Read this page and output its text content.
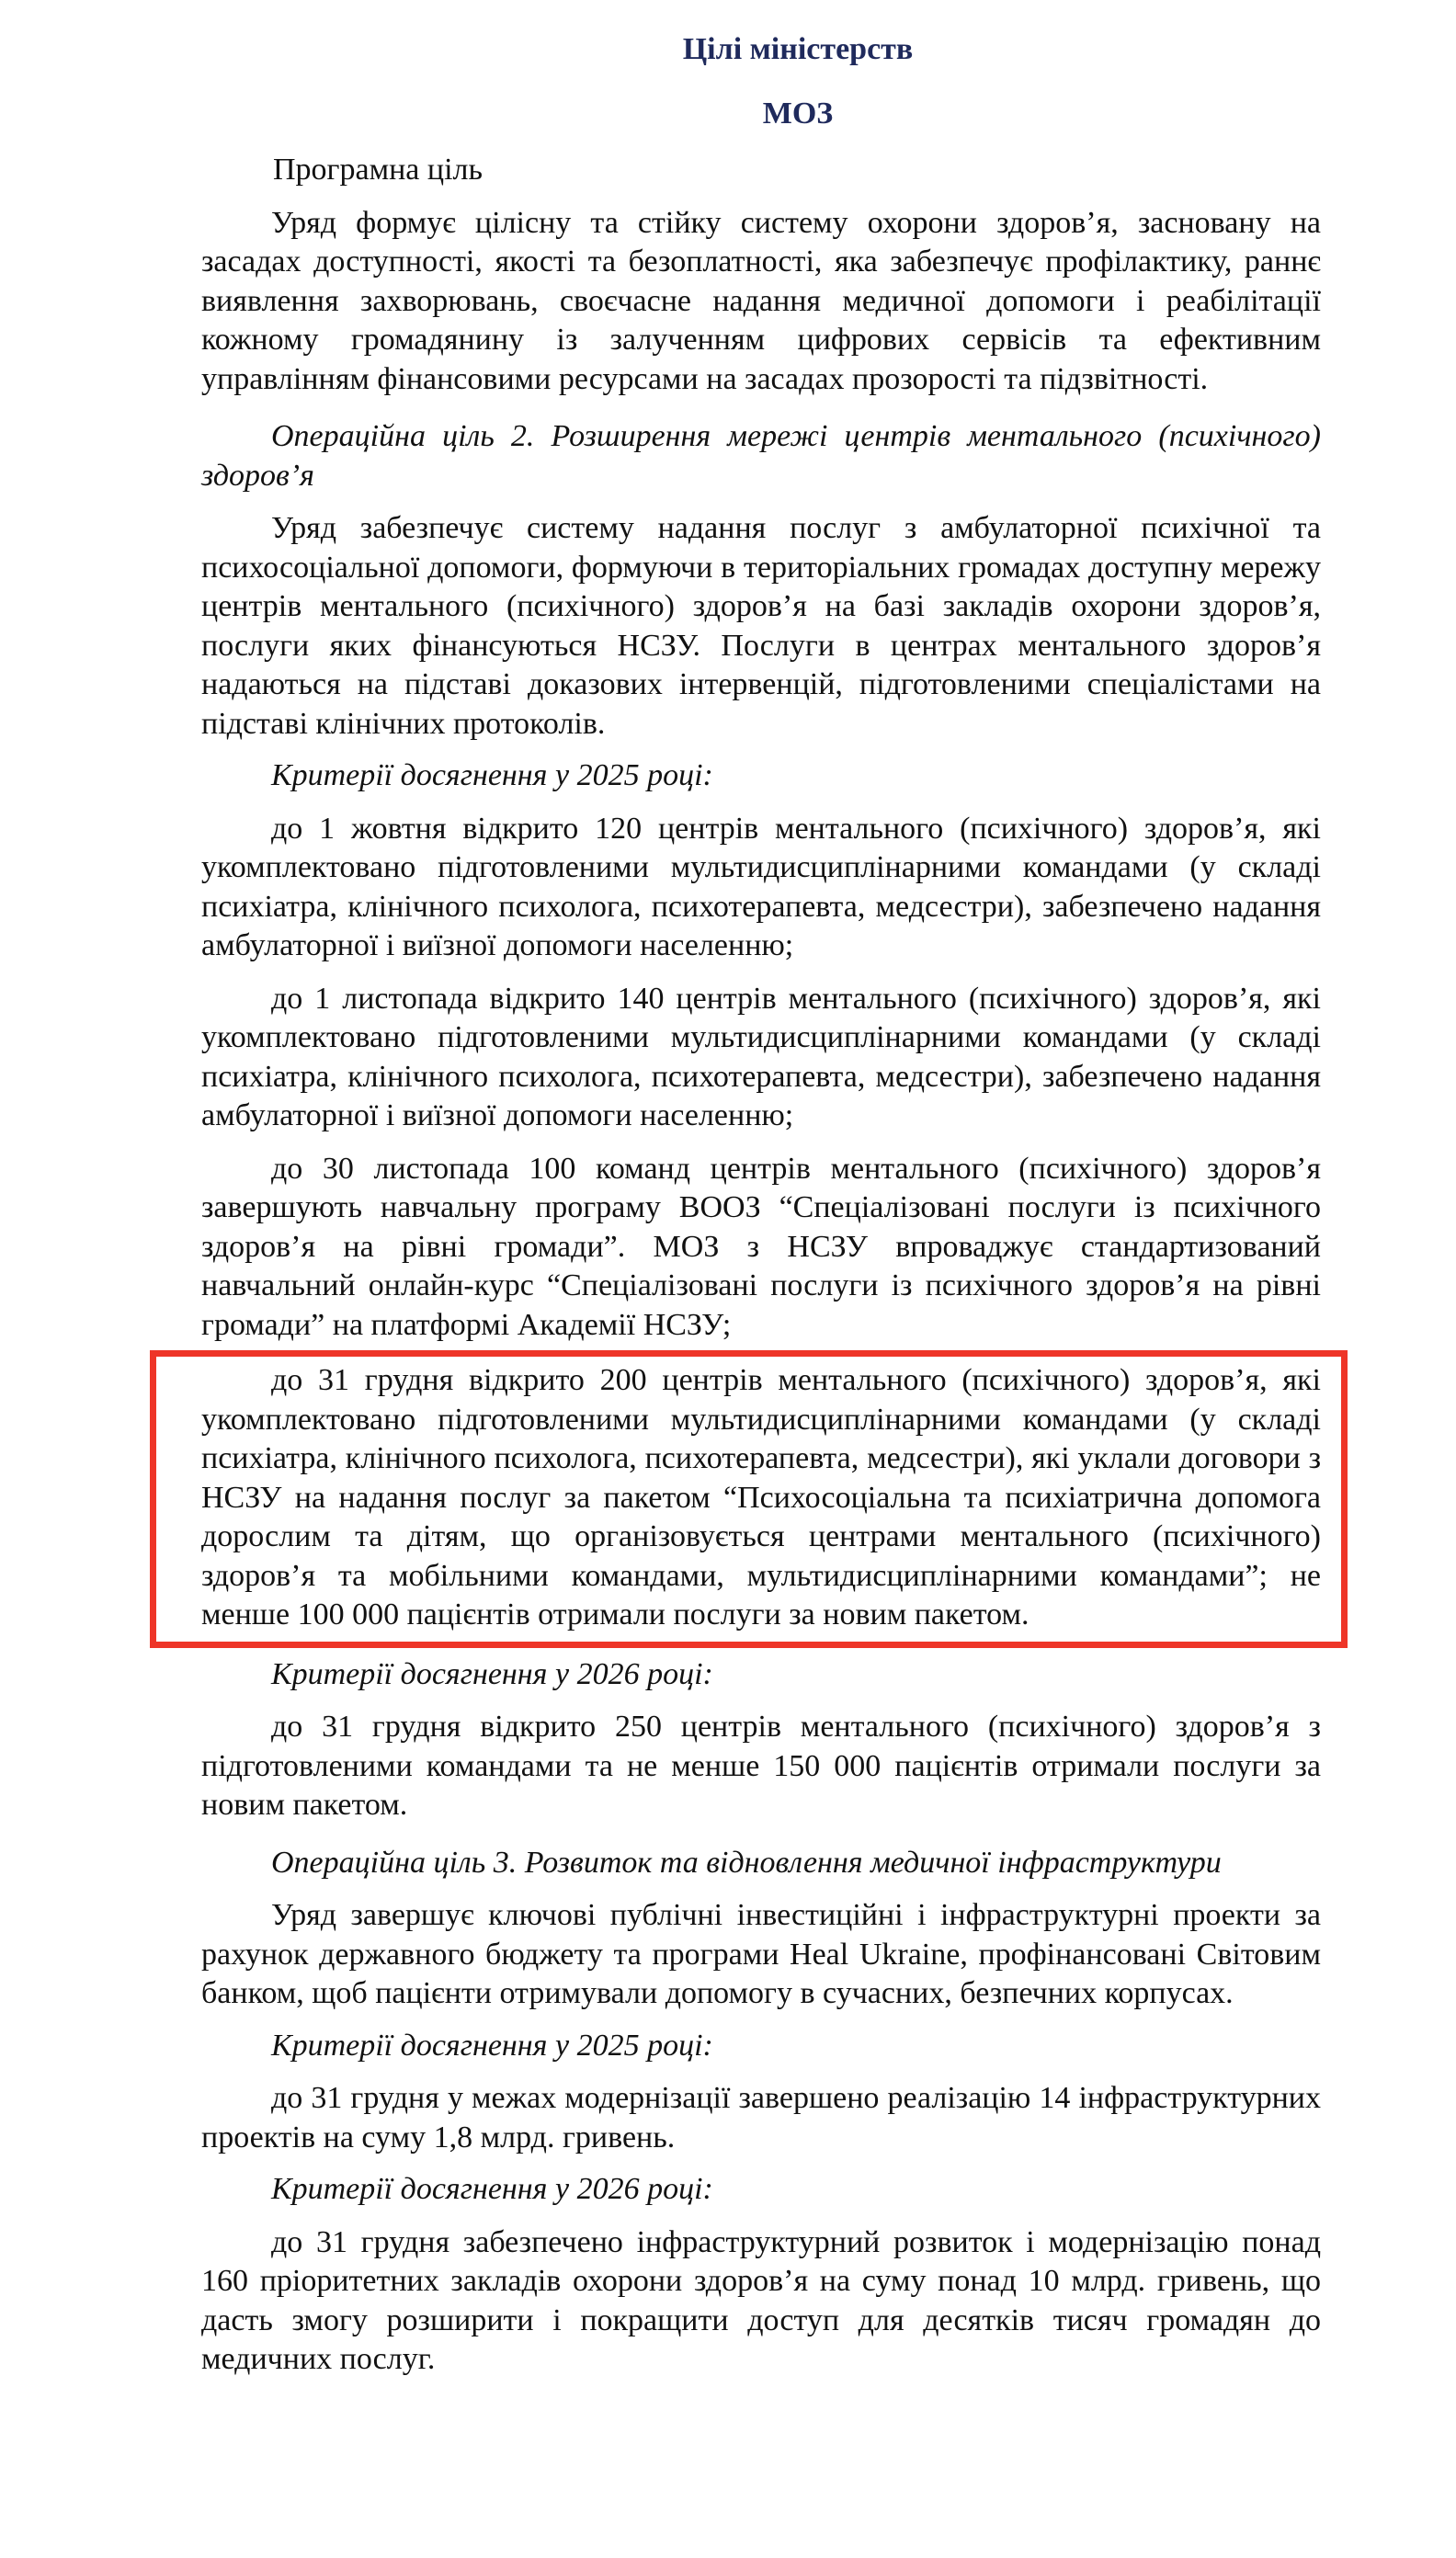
Цілі міністерств
МОЗ

Програмна ціль

Уряд формує цілісну та стійку систему охорони здоров’я, засновану на засадах доступності, якості та безоплатності, яка забезпечує профілактику, раннє виявлення захворювань, своєчасне надання медичної допомоги і реабілітації кожному громадянину із залученням цифрових сервісів та ефективним управлінням фінансовими ресурсами на засадах прозорості та підзвітності.

Операційна ціль 2. Розширення мережі центрів ментального (психічного) здоров’я

Уряд забезпечує систему надання послуг з амбулаторної психічної та психосоціальної допомоги, формуючи в територіальних громадах доступну мережу центрів ментального (психічного) здоров’я на базі закладів охорони здоров’я, послуги яких фінансуються НСЗУ. Послуги в центрах ментального здоров’я надаються на підставі доказових інтервенцій, підготовленими спеціалістами на підставі клінічних протоколів.

Критерії досягнення у 2025 році:

до 1 жовтня відкрито 120 центрів ментального (психічного) здоров’я, які укомплектовано підготовленими мультидисциплінарними командами (у складі психіатра, клінічного психолога, психотерапевта, медсестри), забезпечено надання амбулаторної і виїзної допомоги населенню;

до 1 листопада відкрито 140 центрів ментального (психічного) здоров’я, які укомплектовано підготовленими мультидисциплінарними командами (у складі психіатра, клінічного психолога, психотерапевта, медсестри), забезпечено надання амбулаторної і виїзної допомоги населенню;

до 30 листопада 100 команд центрів ментального (психічного) здоров’я завершують навчальну програму ВООЗ “Спеціалізовані послуги із психічного здоров’я на рівні громади”. МОЗ з НСЗУ впроваджує стандартизований навчальний онлайн-курс “Спеціалізовані послуги із психічного здоров’я на рівні громади” на платформі Академії НСЗУ;

до 31 грудня відкрито 200 центрів ментального (психічного) здоров’я, які укомплектовано підготовленими мультидисциплінарними командами (у складі психіатра, клінічного психолога, психотерапевта, медсестри), які уклали договори з НСЗУ на надання послуг за пакетом “Психосоціальна та психіатрична допомога дорослим та дітям, що організовується центрами ментального (психічного) здоров’я та мобільними командами, мультидисциплінарними командами”; не менше 100 000 пацієнтів отримали послуги за новим пакетом.

Критерії досягнення у 2026 році:

до 31 грудня відкрито 250 центрів ментального (психічного) здоров’я з підготовленими командами та не менше 150 000 пацієнтів отримали послуги за новим пакетом.

Операційна ціль 3. Розвиток та відновлення медичної інфраструктури

Уряд завершує ключові публічні інвестиційні і інфраструктурні проекти за рахунок державного бюджету та програми Heal Ukraine, профінансовані Світовим банком, щоб пацієнти отримували допомогу в сучасних, безпечних корпусах.

Критерії досягнення у 2025 році:

до 31 грудня у межах модернізації завершено реалізацію 14 інфраструктурних проектів на суму 1,8 млрд. гривень.

Критерії досягнення у 2026 році:

до 31 грудня забезпечено інфраструктурний розвиток і модернізацію понад 160 пріоритетних закладів охорони здоров’я на суму понад 10 млрд. гривень, що дасть змогу розширити і покращити доступ для десятків тисяч громадян до медичних послуг.
